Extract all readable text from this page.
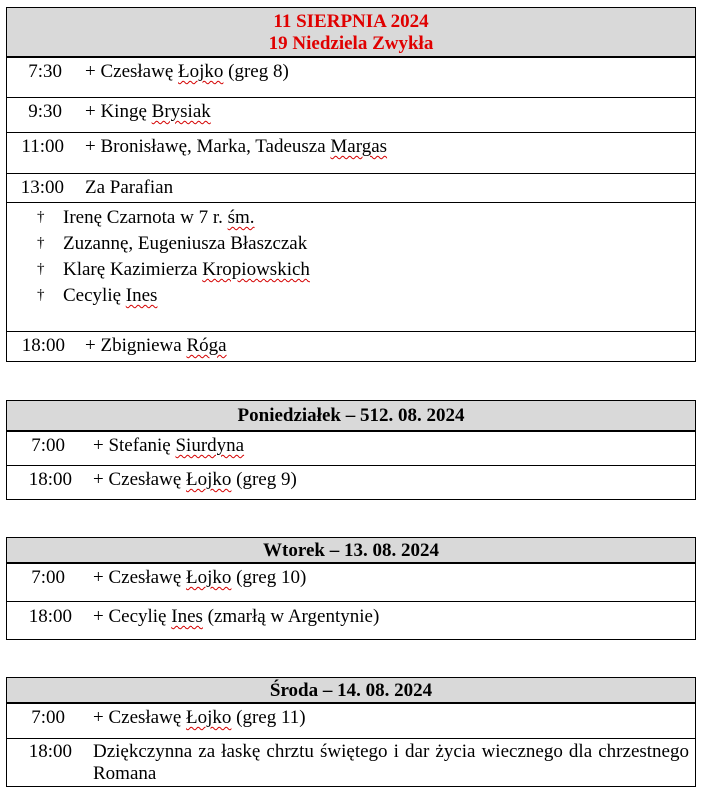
11 SIERPNIA 2024
19 Niedziela Zwykła
7:30 + Czesławę Łojko (greg 8)
9:30 + Kingę Brysiak
11:00 + Bronisławę, Marka, Tadeusza Margas
13:00 Za Parafian
† Irenę Czarnota w 7 r. śm.
† Zuzannę, Eugeniusza Błaszczak
† Klarę Kazimierza Kropiowskich
† Cecylię Ines
18:00 + Zbigniewa Róga
Poniedziałek – 512. 08. 2024
7:00 + Stefanię Siurdyna
18:00 + Czesławę Łojko (greg 9)
Wtorek – 13. 08. 2024
7:00 + Czesławę Łojko (greg 10)
18:00 + Cecylię Ines (zmarłą w Argentynie)
Środa – 14. 08. 2024
7:00 + Czesławę Łojko (greg 11)
18:00 Dziękczynna za łaskę chrztu świętego i dar życia wiecznego dla chrzestnego Romana
